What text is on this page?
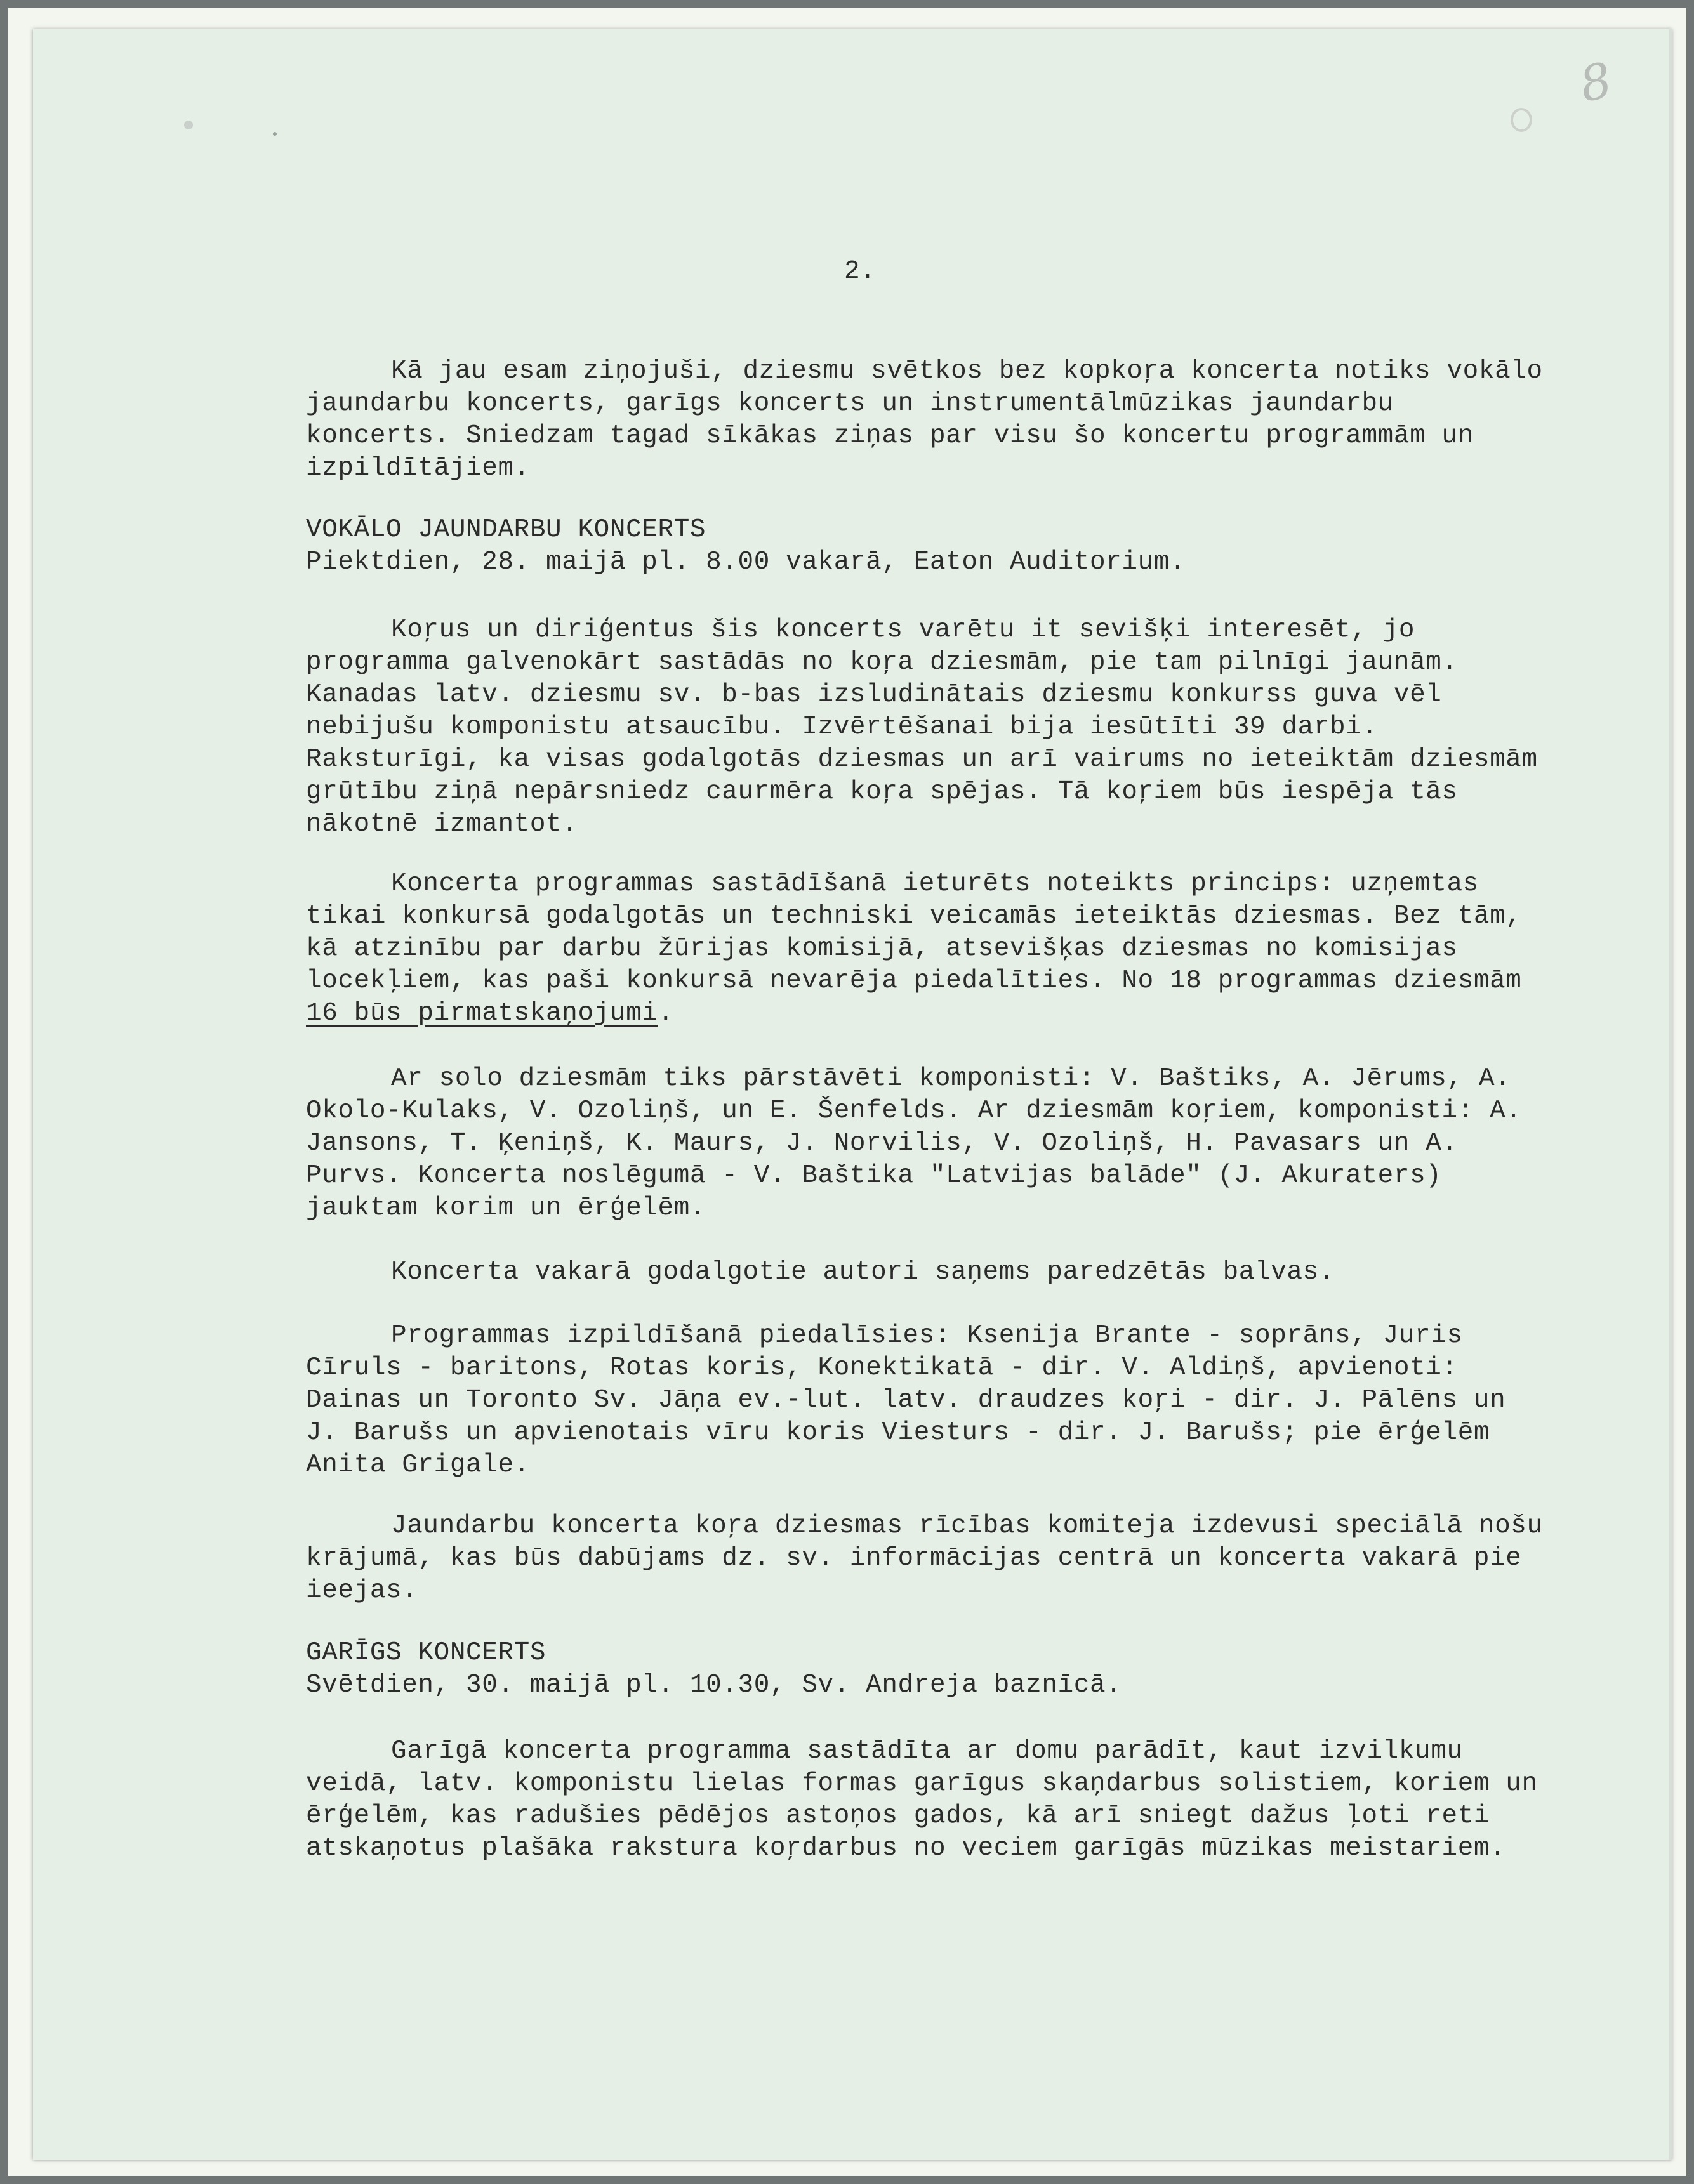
8
2.

Kā jau esam ziņojuši, dziesmu svētkos bez kopkoŗa koncerta notiks vokālo jaundarbu koncerts, garīgs koncerts un instrumentālmūzikas jaundarbu koncerts. Sniedzam tagad sīkākas ziņas par visu šo koncertu programmām un izpildītājiem.

VOKĀLO JAUNDARBU KONCERTS

Piektdien, 28. maijā pl. 8.00 vakarā, Eaton Auditorium.

Koŗus un diriģentus šis koncerts varētu it sevišķi interesēt, jo programma galvenokārt sastādās no koŗa dziesmām, pie tam pilnīgi jaunām. Kanadas latv. dziesmu sv. b-bas izsludinātais dziesmu konkurss guva vēl nebijušu komponistu atsaucību. Izvērtēšanai bija iesūtīti 39 darbi. Raksturīgi, ka visas godalgotās dziesmas un arī vairums no ieteiktām dziesmām grūtību ziņā nepārsniedz caurmēra koŗa spējas. Tā koŗiem būs iespēja tās nākotnē izmantot.

Koncerta programmas sastādīšanā ieturēts noteikts princips: uzņemtas tikai konkursā godalgotās un techniski veicamās ieteiktās dziesmas. Bez tām, kā atzinību par darbu žūrijas komisijā, atsevišķas dziesmas no komisijas locekļiem, kas paši konkursā nevarēja piedalīties. No 18 programmas dziesmām 16 būs pirmatskaņojumi.

Ar solo dziesmām tiks pārstāvēti komponisti: V. Baštiks, A. Jērums, A. Okolo-Kulaks, V. Ozoliņš, un E. Šenfelds. Ar dziesmām koŗiem, komponisti: A. Jansons, T. Ķeniņš, K. Maurs, J. Norvilis, V. Ozoliņš, H. Pavasars un A. Purvs. Koncerta noslēgumā - V. Baštika "Latvijas balāde" (J. Akuraters) jauktam korim un ērģelēm.

Koncerta vakarā godalgotie autori saņems paredzētās balvas.

Programmas izpildīšanā piedalīsies: Ksenija Brante - soprāns, Juris Cīruls - baritons, Rotas koris, Konektikatā - dir. V. Aldiņš, apvienoti: Dainas un Toronto Sv. Jāņa ev.-lut. latv. draudzes koŗi - dir. J. Pālēns un J. Barušs un apvienotais vīru koris Viesturs - dir. J. Barušs; pie ērģelēm Anita Grigale.

Jaundarbu koncerta koŗa dziesmas rīcības komiteja izdevusi speciālā nošu krājumā, kas būs dabūjams dz. sv. informācijas centrā un koncerta vakarā pie ieejas.

GARĪGS KONCERTS

Svētdien, 30. maijā pl. 10.30, Sv. Andreja baznīcā.

Garīgā koncerta programma sastādīta ar domu parādīt, kaut izvilkumu veidā, latv. komponistu lielas formas garīgus skaņdarbus solistiem, koriem un ērģelēm, kas radušies pēdējos astoņos gados, kā arī sniegt dažus ļoti reti atskaņotus plašāka rakstura koŗdarbus no veciem garīgās mūzikas meistariem.
